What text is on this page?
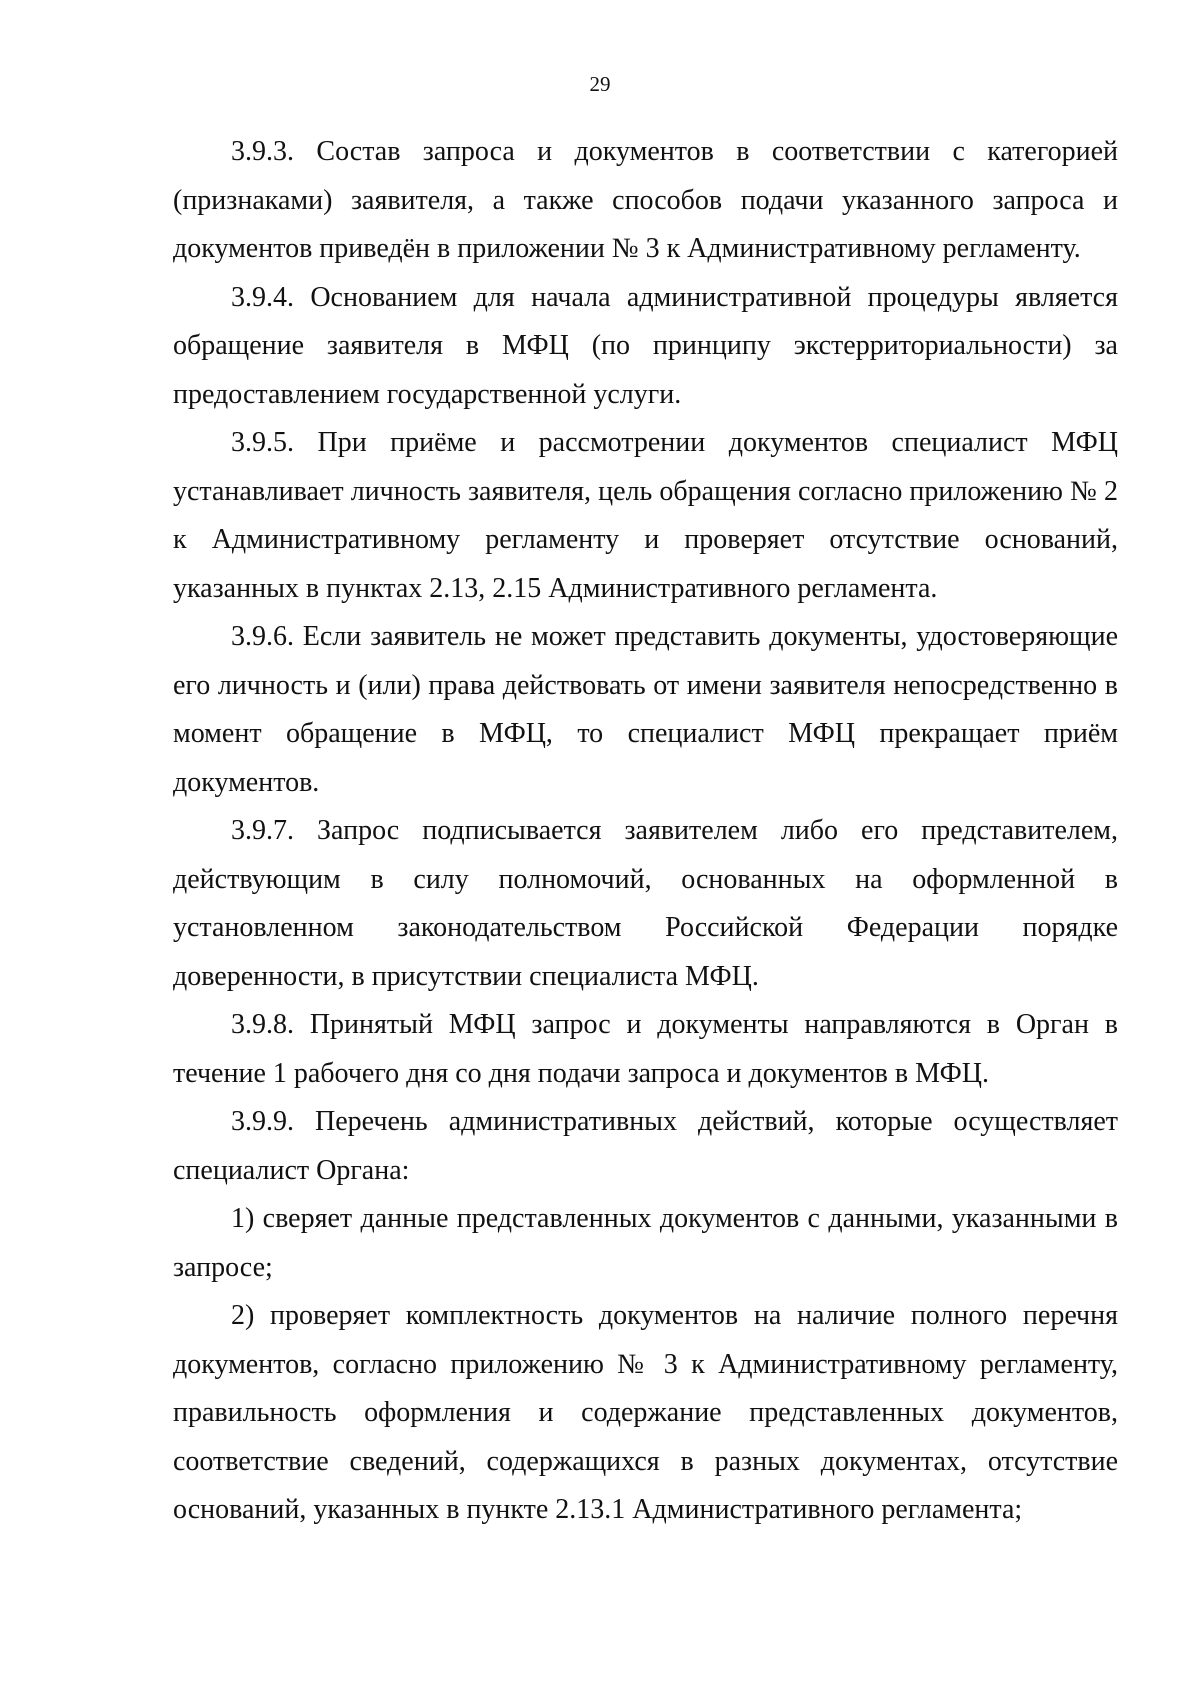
29

3.9.3. Состав запроса и документов в соответствии с категорией (признаками) заявителя, а также способов подачи указанного запроса и документов приведён в приложении № 3 к Административному регламенту.

3.9.4. Основанием для начала административной процедуры является обращение заявителя в МФЦ (по принципу экстерриториальности) за предоставлением государственной услуги.

3.9.5. При приёме и рассмотрении документов специалист МФЦ устанавливает личность заявителя, цель обращения согласно приложению № 2 к Административному регламенту и проверяет отсутствие оснований, указанных в пунктах 2.13, 2.15 Административного регламента.

3.9.6. Если заявитель не может представить документы, удостоверяющие его личность и (или) права действовать от имени заявителя непосредственно в момент обращение в МФЦ, то специалист МФЦ прекращает приём документов.

3.9.7. Запрос подписывается заявителем либо его представителем, действующим в силу полномочий, основанных на оформленной в установленном законодательством Российской Федерации порядке доверенности, в присутствии специалиста МФЦ.

3.9.8. Принятый МФЦ запрос и документы направляются в Орган в течение 1 рабочего дня со дня подачи запроса и документов в МФЦ.

3.9.9. Перечень административных действий, которые осуществляет специалист Органа:

1) сверяет данные представленных документов с данными, указанными в запросе;

2) проверяет комплектность документов на наличие полного перечня документов, согласно приложению № 3 к Административному регламенту, правильность оформления и содержание представленных документов, соответствие сведений, содержащихся в разных документах, отсутствие оснований, указанных в пункте 2.13.1 Административного регламента;
